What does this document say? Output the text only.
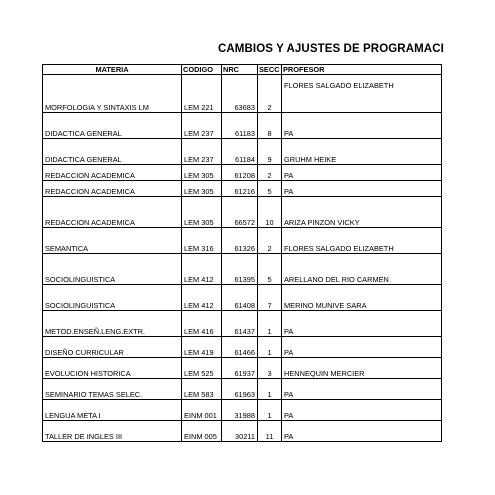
CAMBIOS Y AJUSTES DE PROGRAMACI
MATERIA	CODIGO	NRC	SECC	PROFESOR
MORFOLOGIA Y SINTAXIS LM	LEM 221	63683	2	FLORES SALGADO ELIZABETH
DIDACTICA GENERAL	LEM 237	61183	8	PA
DIDACTICA GENERAL	LEM 237	61184	9	GRUHM HEIKE
REDACCION ACADEMICA	LEM 305	61208	2	PA
REDACCION ACADEMICA	LEM 305	61216	5	PA
REDACCION ACADEMICA	LEM 305	66572	10	ARIZA PINZON VICKY
SEMANTICA	LEM 316	61326	2	FLORES SALGADO ELIZABETH
SOCIOLINGUISTICA	LEM 412	61395	5	ARELLANO DEL RIO CARMEN
SOCIOLINGUISTICA	LEM 412	61408	7	MERINO MUNIVE SARA
METOD.ENSEÑ.LENG.EXTR.	LEM 416	61437	1	PA
DISEÑO CURRICULAR	LEM 419	61466	1	PA
EVOLUCION HISTORICA	LEM 525	61937	3	HENNEQUIN MERCIER
SEMINARIO TEMAS SELEC.	LEM 583	61963	1	PA
LENGUA META I	EINM 001	31988	1	PA
TALLER DE INGLES III	EINM 005	30211	11	PA
